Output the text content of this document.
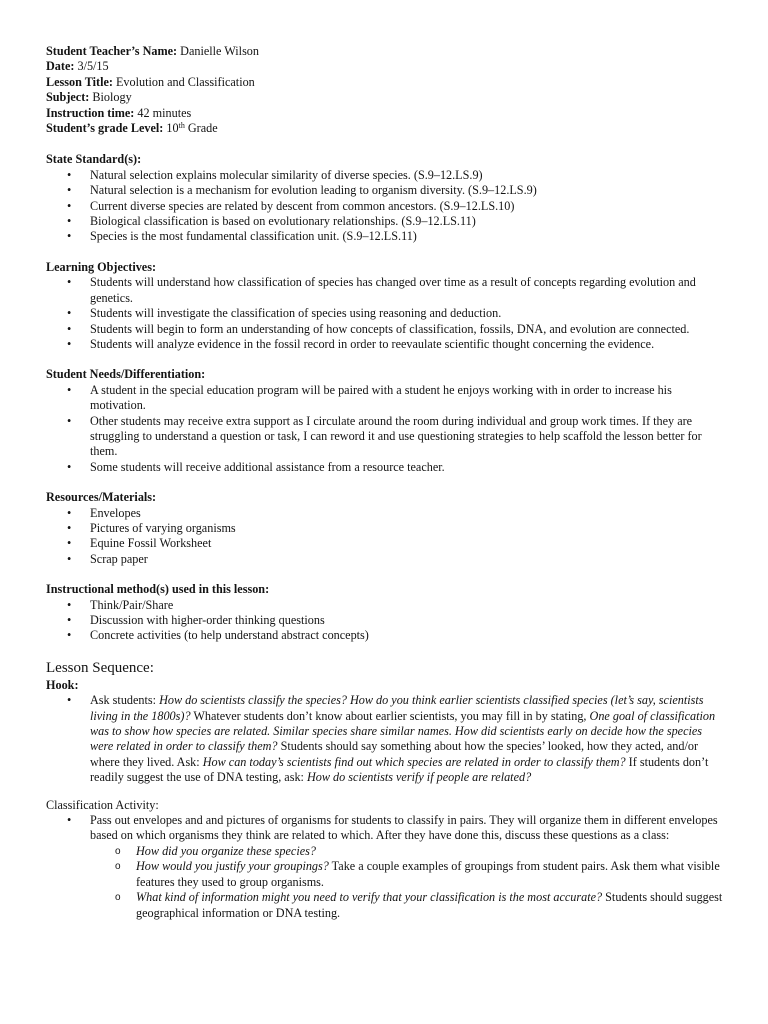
Student Teacher’s Name: Danielle Wilson
Date: 3/5/15
Lesson Title: Evolution and Classification
Subject: Biology
Instruction time: 42 minutes
Student’s grade Level: 10th Grade
State Standard(s):
• Natural selection explains molecular similarity of diverse species. (S.9–12.LS.9)
• Natural selection is a mechanism for evolution leading to organism diversity. (S.9–12.LS.9)
• Current diverse species are related by descent from common ancestors. (S.9–12.LS.10)
• Biological classification is based on evolutionary relationships. (S.9–12.LS.11)
• Species is the most fundamental classification unit. (S.9–12.LS.11)
Learning Objectives:
• Students will understand how classification of species has changed over time as a result of concepts regarding evolution and genetics.
• Students will investigate the classification of species using reasoning and deduction.
• Students will begin to form an understanding of how concepts of classification, fossils, DNA, and evolution are connected.
• Students will analyze evidence in the fossil record in order to reevaulate scientific thought concerning the evidence.
Student Needs/Differentiation:
• A student in the special education program will be paired with a student he enjoys working with in order to increase his motivation.
• Other students may receive extra support as I circulate around the room during individual and group work times. If they are struggling to understand a question or task, I can reword it and use questioning strategies to help scaffold the lesson better for them.
• Some students will receive additional assistance from a resource teacher.
Resources/Materials:
• Envelopes
• Pictures of varying organisms
• Equine Fossil Worksheet
• Scrap paper
Instructional method(s) used in this lesson:
• Think/Pair/Share
• Discussion with higher-order thinking questions
• Concrete activities (to help understand abstract concepts)
Lesson Sequence:
Hook:
• Ask students: How do scientists classify the species? How do you think earlier scientists classified species (let’s say, scientists living in the 1800s)? Whatever students don’t know about earlier scientists, you may fill in by stating, One goal of classification was to show how species are related. Similar species share similar names. How did scientists early on decide how the species were related in order to classify them? Students should say something about how the species’ looked, how they acted, and/or where they lived. Ask: How can today’s scientists find out which species are related in order to classify them? If students don’t readily suggest the use of DNA testing, ask: How do scientists verify if people are related?
Classification Activity:
• Pass out envelopes and and pictures of organisms for students to classify in pairs. They will organize them in different envelopes based on which organisms they think are related to which. After they have done this, discuss these questions as a class:
o How did you organize these species?
o How would you justify your groupings? Take a couple examples of groupings from student pairs. Ask them what visible features they used to group organisms.
o What kind of information might you need to verify that your classification is the most accurate? Students should suggest geographical information or DNA testing.
